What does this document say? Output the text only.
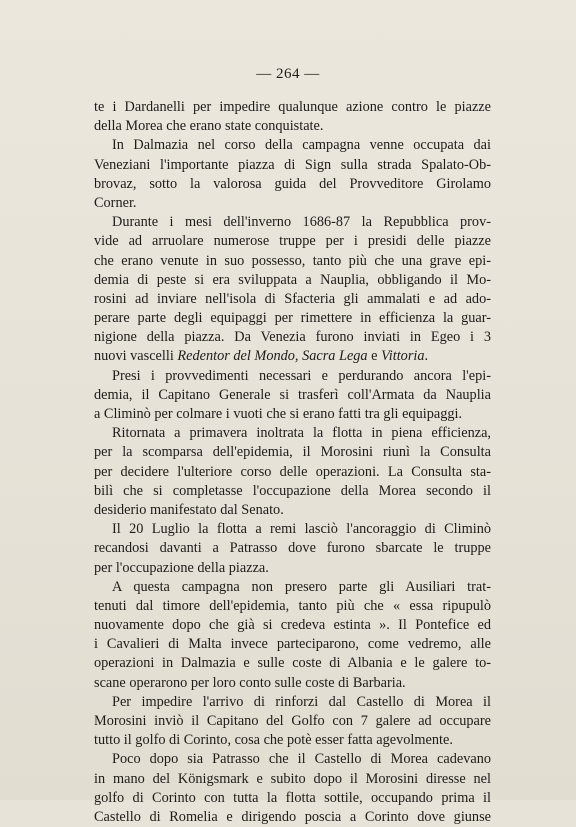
— 264 —
te i Dardanelli per impedire qualunque azione contro le piazze
della Morea che erano state conquistate.
In Dalmazia nel corso della campagna venne occupata dai
Veneziani l'importante piazza di Sign sulla strada Spalato-Ob-
brovaz, sotto la valorosa guida del Provveditore Girolamo
Corner.
Durante i mesi dell'inverno 1686-87 la Repubblica prov-
vide ad arruolare numerose truppe per i presidi delle piazze
che erano venute in suo possesso, tanto più che una grave epi-
demia di peste si era sviluppata a Nauplia, obbligando il Mo-
rosini ad inviare nell'isola di Sfacteria gli ammalati e ad ado-
perare parte degli equipaggi per rimettere in efficienza la guar-
nigione della piazza. Da Venezia furono inviati in Egeo i 3
nuovi vascelli Redentor del Mondo, Sacra Lega e Vittoria.
Presi i provvedimenti necessari e perdurando ancora l'epi-
demia, il Capitano Generale si trasferì coll'Armata da Nauplia
a Climinò per colmare i vuoti che si erano fatti tra gli equipaggi.
Ritornata a primavera inoltrata la flotta in piena efficienza,
per la scomparsa dell'epidemia, il Morosini riunì la Consulta
per decidere l'ulteriore corso delle operazioni. La Consulta sta-
bilì che si completasse l'occupazione della Morea secondo il
desiderio manifestato dal Senato.
Il 20 Luglio la flotta a remi lasciò l'ancoraggio di Climinò
recandosi davanti a Patrasso dove furono sbarcate le truppe
per l'occupazione della piazza.
A questa campagna non presero parte gli Ausiliari trat-
tenuti dal timore dell'epidemia, tanto più che « essa ripupulò
nuovamente dopo che già si credeva estinta ». Il Pontefice ed
i Cavalieri di Malta invece parteciparono, come vedremo, alle
operazioni in Dalmazia e sulle coste di Albania e le galere to-
scane operarono per loro conto sulle coste di Barbaria.
Per impedire l'arrivo di rinforzi dal Castello di Morea il
Morosini inviò il Capitano del Golfo con 7 galere ad occupare
tutto il golfo di Corinto, cosa che potè esser fatta agevolmente.
Poco dopo sia Patrasso che il Castello di Morea cadevano
in mano del Königsmark e subito dopo il Morosini diresse nel
golfo di Corinto con tutta la flotta sottile, occupando prima il
Castello di Romelia e dirigendo poscia a Corinto dove giunse
